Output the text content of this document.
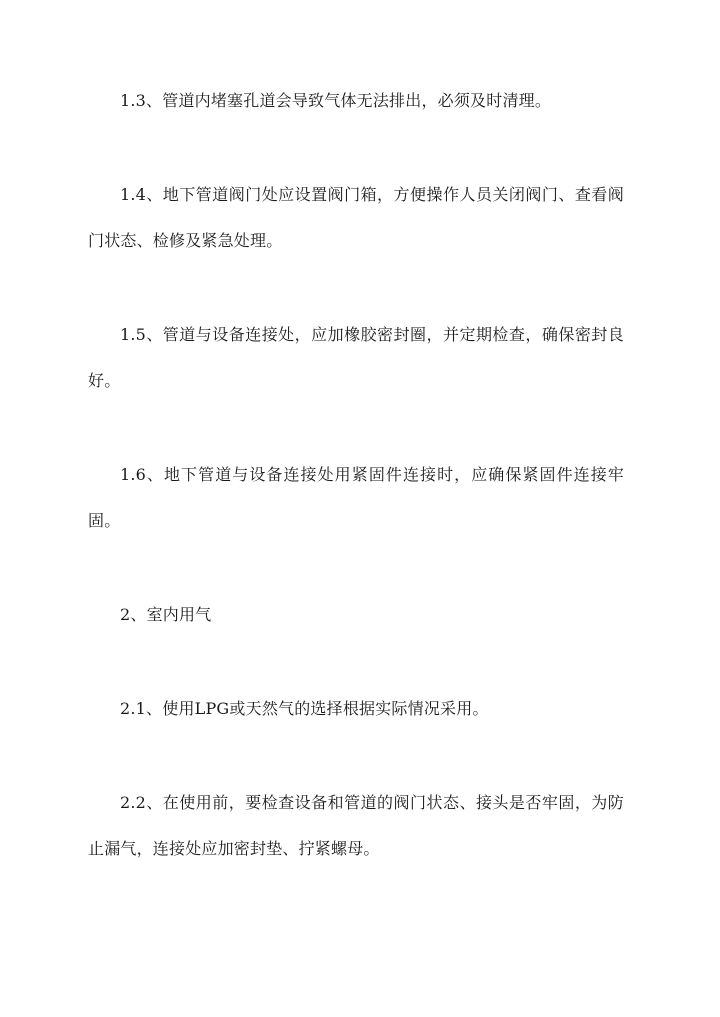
1.3、管道内堵塞孔道会导致气体无法排出，必须及时清理。

1.4、地下管道阀门处应设置阀门箱，方便操作人员关闭阀门、查看阀门状态、检修及紧急处理。

1.5、管道与设备连接处，应加橡胶密封圈，并定期检查，确保密封良好。

1.6、地下管道与设备连接处用紧固件连接时，应确保紧固件连接牢固。

2、室内用气

2.1、使用LPG或天然气的选择根据实际情况采用。

2.2、在使用前，要检查设备和管道的阀门状态、接头是否牢固，为防止漏气，连接处应加密封垫、拧紧螺母。
